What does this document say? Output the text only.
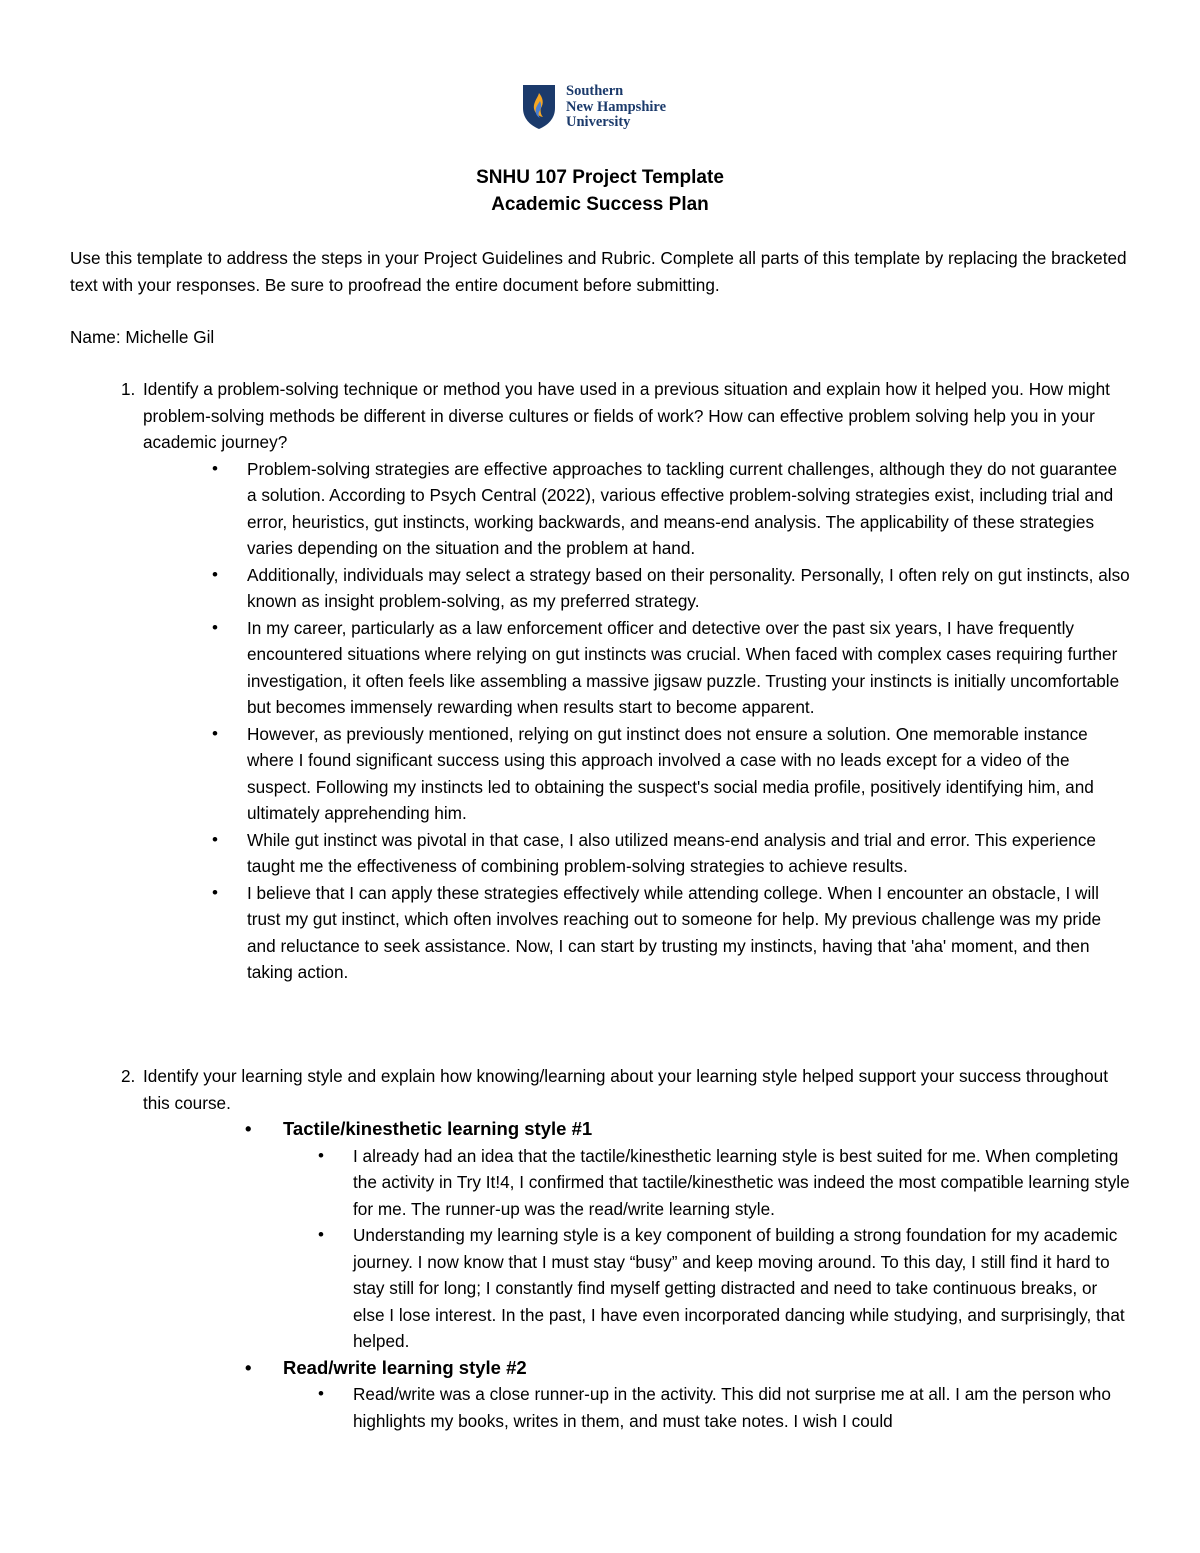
Southern
New Hampshire
University
SNHU 107 Project Template
Academic Success Plan
Use this template to address the steps in your Project Guidelines and Rubric. Complete all parts of this template by replacing the bracketed text with your responses. Be sure to proofread the entire document before submitting.
Name: Michelle Gil
1. Identify a problem-solving technique or method you have used in a previous situation and explain how it helped you. How might problem-solving methods be different in diverse cultures or fields of work? How can effective problem solving help you in your academic journey?
• Problem-solving strategies are effective approaches to tackling current challenges, although they do not guarantee a solution. According to Psych Central (2022), various effective problem-solving strategies exist, including trial and error, heuristics, gut instincts, working backwards, and means-end analysis. The applicability of these strategies varies depending on the situation and the problem at hand.
• Additionally, individuals may select a strategy based on their personality. Personally, I often rely on gut instincts, also known as insight problem-solving, as my preferred strategy.
• In my career, particularly as a law enforcement officer and detective over the past six years, I have frequently encountered situations where relying on gut instincts was crucial. When faced with complex cases requiring further investigation, it often feels like assembling a massive jigsaw puzzle. Trusting your instincts is initially uncomfortable but becomes immensely rewarding when results start to become apparent.
• However, as previously mentioned, relying on gut instinct does not ensure a solution. One memorable instance where I found significant success using this approach involved a case with no leads except for a video of the suspect. Following my instincts led to obtaining the suspect's social media profile, positively identifying him, and ultimately apprehending him.
• While gut instinct was pivotal in that case, I also utilized means-end analysis and trial and error. This experience taught me the effectiveness of combining problem-solving strategies to achieve results.
• I believe that I can apply these strategies effectively while attending college. When I encounter an obstacle, I will trust my gut instinct, which often involves reaching out to someone for help. My previous challenge was my pride and reluctance to seek assistance. Now, I can start by trusting my instincts, having that 'aha' moment, and then taking action.
2. Identify your learning style and explain how knowing/learning about your learning style helped support your success throughout this course.
• Tactile/kinesthetic learning style #1
• I already had an idea that the tactile/kinesthetic learning style is best suited for me. When completing the activity in Try It!4, I confirmed that tactile/kinesthetic was indeed the most compatible learning style for me. The runner-up was the read/write learning style.
• Understanding my learning style is a key component of building a strong foundation for my academic journey. I now know that I must stay “busy” and keep moving around. To this day, I still find it hard to stay still for long; I constantly find myself getting distracted and need to take continuous breaks, or else I lose interest. In the past, I have even incorporated dancing while studying, and surprisingly, that helped.
• Read/write learning style #2
• Read/write was a close runner-up in the activity. This did not surprise me at all. I am the person who highlights my books, writes in them, and must take notes. I wish I could
